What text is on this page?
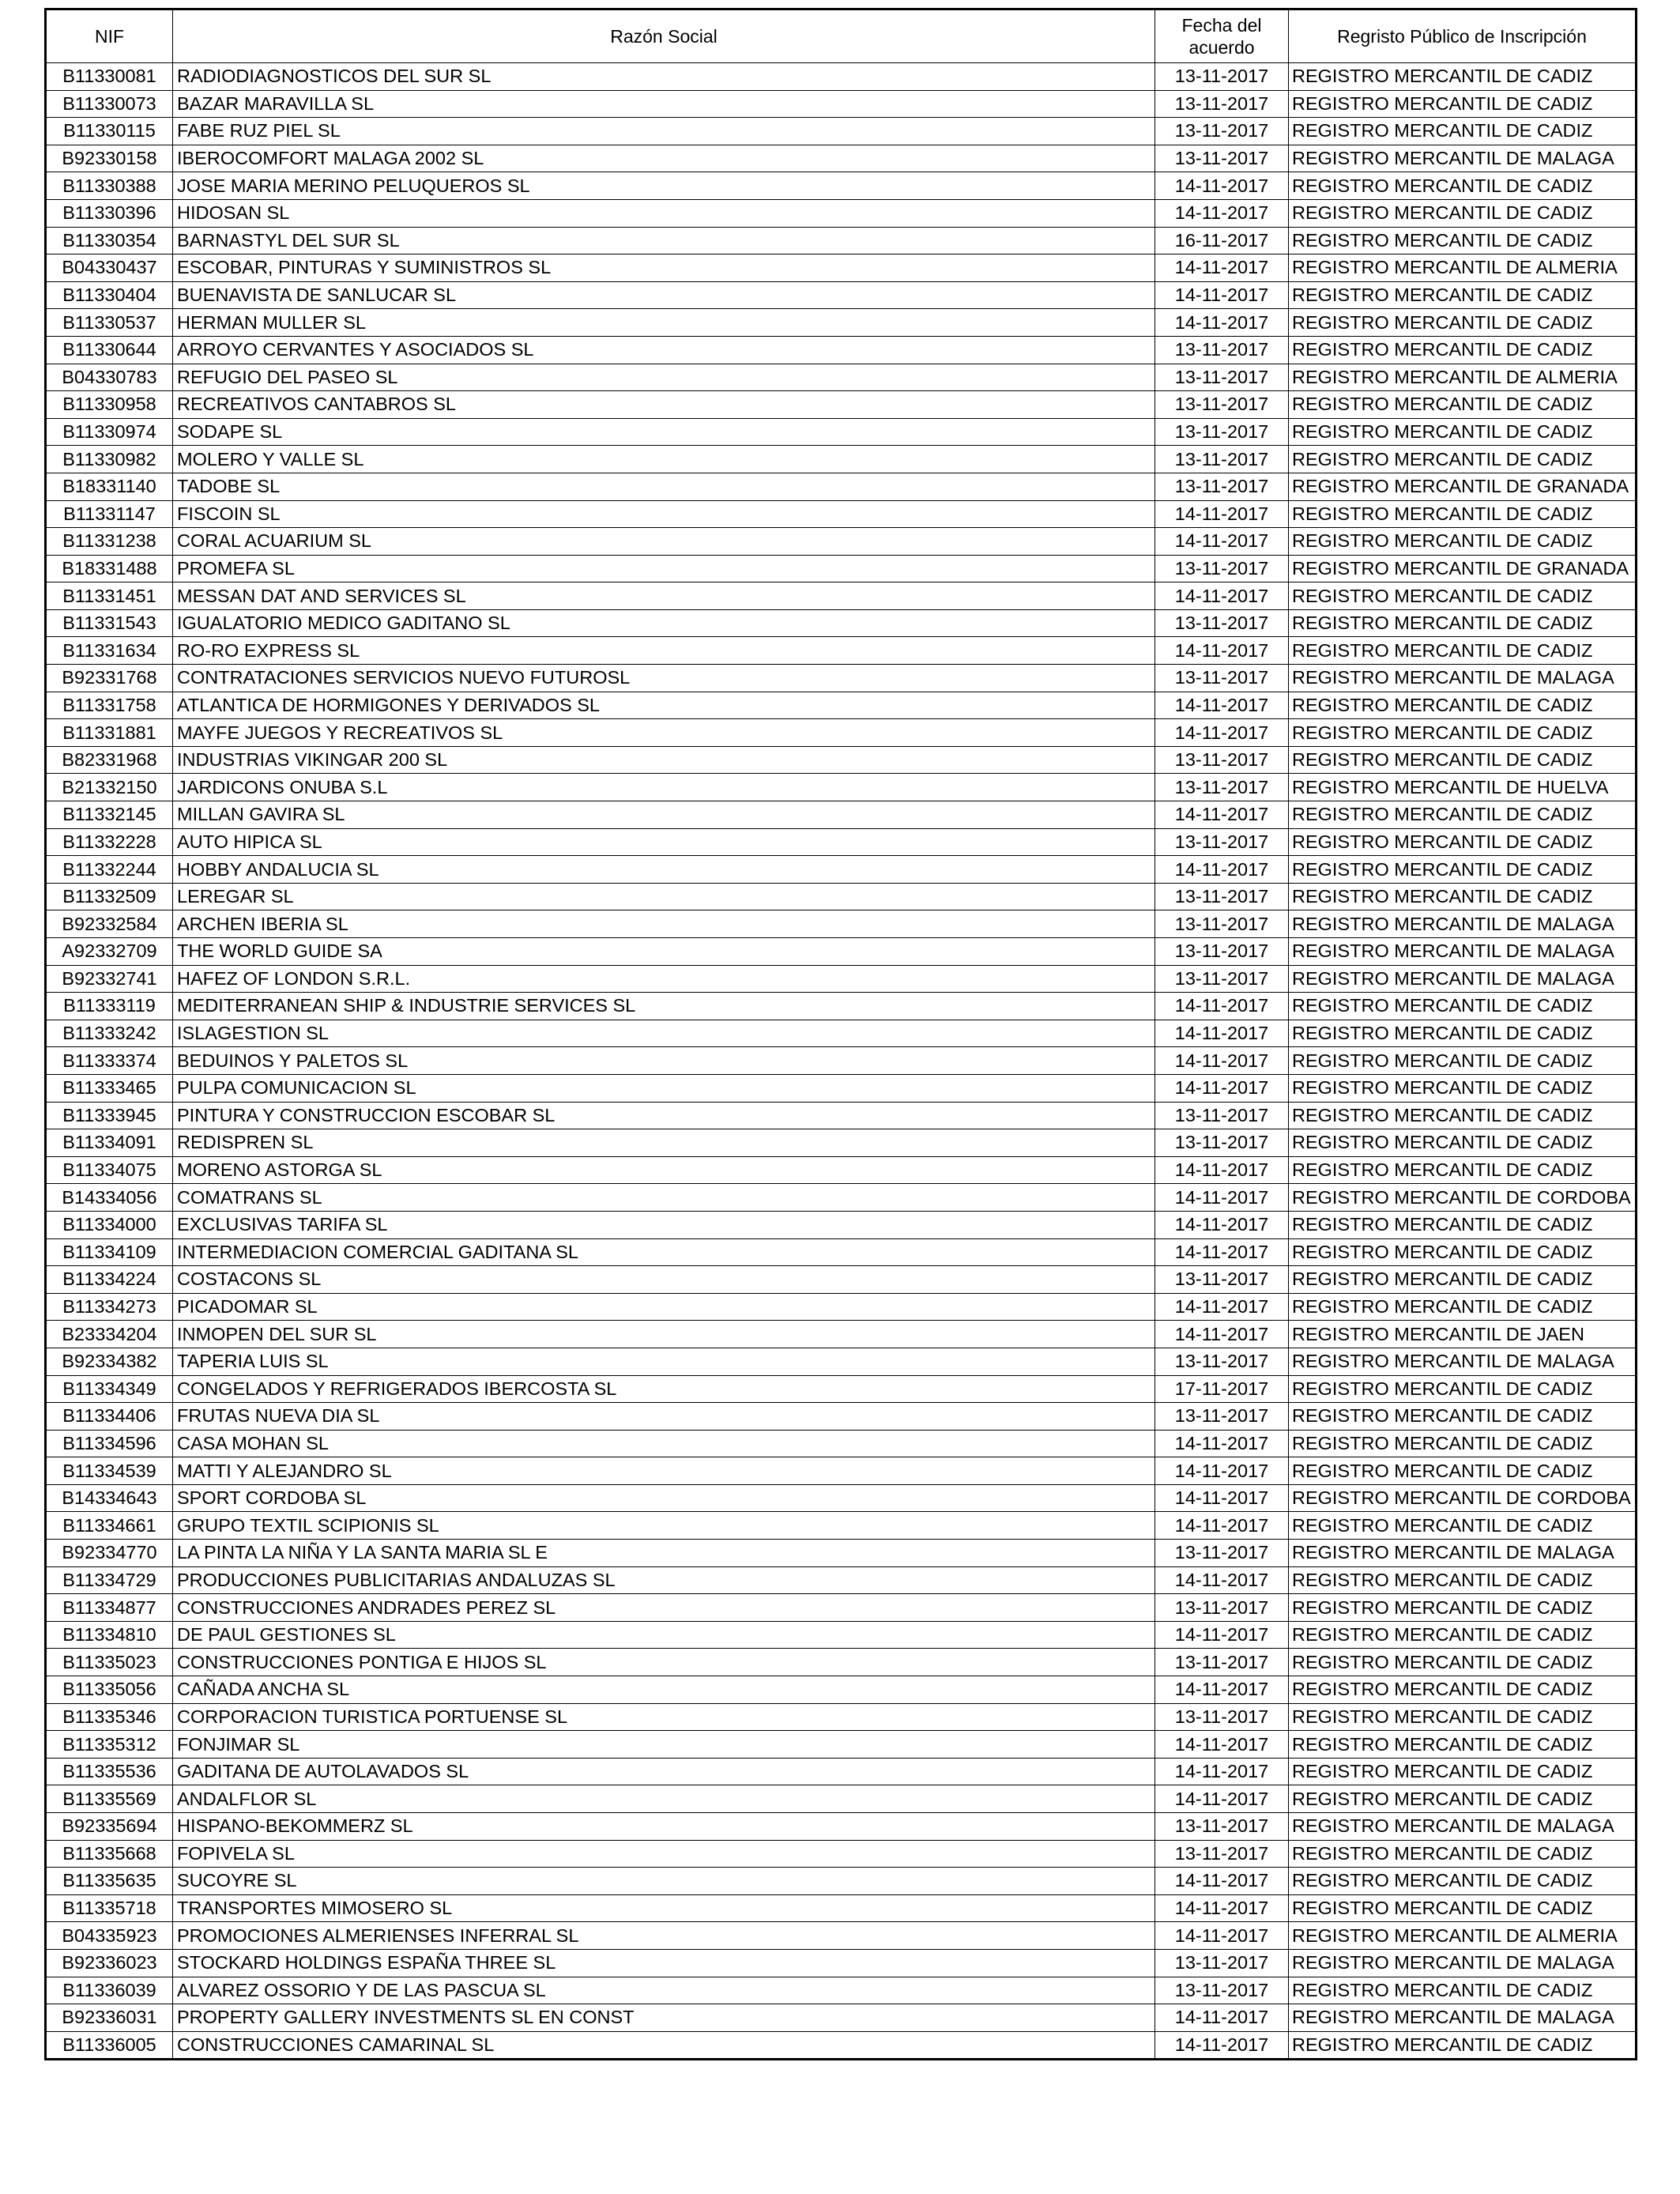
NIF	Razón Social	Fecha del acuerdo	Regristo Público de Inscripción
B11330081	RADIODIAGNOSTICOS DEL SUR SL	13-11-2017	REGISTRO MERCANTIL DE CADIZ
B11330073	BAZAR MARAVILLA SL	13-11-2017	REGISTRO MERCANTIL DE CADIZ
B11330115	FABE RUZ PIEL SL	13-11-2017	REGISTRO MERCANTIL DE CADIZ
B92330158	IBEROCOMFORT MALAGA 2002 SL	13-11-2017	REGISTRO MERCANTIL DE MALAGA
B11330388	JOSE MARIA MERINO PELUQUEROS SL	14-11-2017	REGISTRO MERCANTIL DE CADIZ
B11330396	HIDOSAN SL	14-11-2017	REGISTRO MERCANTIL DE CADIZ
B11330354	BARNASTYL DEL SUR SL	16-11-2017	REGISTRO MERCANTIL DE CADIZ
B04330437	ESCOBAR, PINTURAS Y SUMINISTROS SL	14-11-2017	REGISTRO MERCANTIL DE ALMERIA
B11330404	BUENAVISTA DE SANLUCAR SL	14-11-2017	REGISTRO MERCANTIL DE CADIZ
B11330537	HERMAN MULLER SL	14-11-2017	REGISTRO MERCANTIL DE CADIZ
B11330644	ARROYO CERVANTES Y ASOCIADOS SL	13-11-2017	REGISTRO MERCANTIL DE CADIZ
B04330783	REFUGIO DEL PASEO SL	13-11-2017	REGISTRO MERCANTIL DE ALMERIA
B11330958	RECREATIVOS CANTABROS SL	13-11-2017	REGISTRO MERCANTIL DE CADIZ
B11330974	SODAPE SL	13-11-2017	REGISTRO MERCANTIL DE CADIZ
B11330982	MOLERO Y VALLE SL	13-11-2017	REGISTRO MERCANTIL DE CADIZ
B18331140	TADOBE SL	13-11-2017	REGISTRO MERCANTIL DE GRANADA
B11331147	FISCOIN SL	14-11-2017	REGISTRO MERCANTIL DE CADIZ
B11331238	CORAL ACUARIUM SL	14-11-2017	REGISTRO MERCANTIL DE CADIZ
B18331488	PROMEFA SL	13-11-2017	REGISTRO MERCANTIL DE GRANADA
B11331451	MESSAN DAT AND SERVICES SL	14-11-2017	REGISTRO MERCANTIL DE CADIZ
B11331543	IGUALATORIO MEDICO GADITANO SL	13-11-2017	REGISTRO MERCANTIL DE CADIZ
B11331634	RO-RO EXPRESS SL	14-11-2017	REGISTRO MERCANTIL DE CADIZ
B92331768	CONTRATACIONES SERVICIOS NUEVO FUTUROSL	13-11-2017	REGISTRO MERCANTIL DE MALAGA
B11331758	ATLANTICA DE HORMIGONES Y DERIVADOS SL	14-11-2017	REGISTRO MERCANTIL DE CADIZ
B11331881	MAYFE JUEGOS Y RECREATIVOS SL	14-11-2017	REGISTRO MERCANTIL DE CADIZ
B82331968	INDUSTRIAS VIKINGAR 200 SL	13-11-2017	REGISTRO MERCANTIL DE CADIZ
B21332150	JARDICONS ONUBA S.L	13-11-2017	REGISTRO MERCANTIL DE HUELVA
B11332145	MILLAN GAVIRA SL	14-11-2017	REGISTRO MERCANTIL DE CADIZ
B11332228	AUTO HIPICA SL	13-11-2017	REGISTRO MERCANTIL DE CADIZ
B11332244	HOBBY ANDALUCIA SL	14-11-2017	REGISTRO MERCANTIL DE CADIZ
B11332509	LEREGAR SL	13-11-2017	REGISTRO MERCANTIL DE CADIZ
B92332584	ARCHEN IBERIA SL	13-11-2017	REGISTRO MERCANTIL DE MALAGA
A92332709	THE WORLD GUIDE SA	13-11-2017	REGISTRO MERCANTIL DE MALAGA
B92332741	HAFEZ OF LONDON S.R.L.	13-11-2017	REGISTRO MERCANTIL DE MALAGA
B11333119	MEDITERRANEAN SHIP & INDUSTRIE SERVICES SL	14-11-2017	REGISTRO MERCANTIL DE CADIZ
B11333242	ISLAGESTION SL	14-11-2017	REGISTRO MERCANTIL DE CADIZ
B11333374	BEDUINOS Y PALETOS SL	14-11-2017	REGISTRO MERCANTIL DE CADIZ
B11333465	PULPA COMUNICACION SL	14-11-2017	REGISTRO MERCANTIL DE CADIZ
B11333945	PINTURA Y CONSTRUCCION ESCOBAR SL	13-11-2017	REGISTRO MERCANTIL DE CADIZ
B11334091	REDISPREN SL	13-11-2017	REGISTRO MERCANTIL DE CADIZ
B11334075	MORENO ASTORGA SL	14-11-2017	REGISTRO MERCANTIL DE CADIZ
B14334056	COMATRANS SL	14-11-2017	REGISTRO MERCANTIL DE CORDOBA
B11334000	EXCLUSIVAS TARIFA SL	14-11-2017	REGISTRO MERCANTIL DE CADIZ
B11334109	INTERMEDIACION COMERCIAL GADITANA SL	14-11-2017	REGISTRO MERCANTIL DE CADIZ
B11334224	COSTACONS SL	13-11-2017	REGISTRO MERCANTIL DE CADIZ
B11334273	PICADOMAR SL	14-11-2017	REGISTRO MERCANTIL DE CADIZ
B23334204	INMOPEN DEL SUR SL	14-11-2017	REGISTRO MERCANTIL DE JAEN
B92334382	TAPERIA LUIS SL	13-11-2017	REGISTRO MERCANTIL DE MALAGA
B11334349	CONGELADOS Y REFRIGERADOS IBERCOSTA SL	17-11-2017	REGISTRO MERCANTIL DE CADIZ
B11334406	FRUTAS NUEVA DIA SL	13-11-2017	REGISTRO MERCANTIL DE CADIZ
B11334596	CASA MOHAN SL	14-11-2017	REGISTRO MERCANTIL DE CADIZ
B11334539	MATTI Y ALEJANDRO SL	14-11-2017	REGISTRO MERCANTIL DE CADIZ
B14334643	SPORT CORDOBA SL	14-11-2017	REGISTRO MERCANTIL DE CORDOBA
B11334661	GRUPO TEXTIL SCIPIONIS SL	14-11-2017	REGISTRO MERCANTIL DE CADIZ
B92334770	LA PINTA LA NIÑA Y LA SANTA MARIA SL E	13-11-2017	REGISTRO MERCANTIL DE MALAGA
B11334729	PRODUCCIONES PUBLICITARIAS ANDALUZAS SL	14-11-2017	REGISTRO MERCANTIL DE CADIZ
B11334877	CONSTRUCCIONES ANDRADES PEREZ SL	13-11-2017	REGISTRO MERCANTIL DE CADIZ
B11334810	DE PAUL GESTIONES SL	14-11-2017	REGISTRO MERCANTIL DE CADIZ
B11335023	CONSTRUCCIONES PONTIGA E HIJOS SL	13-11-2017	REGISTRO MERCANTIL DE CADIZ
B11335056	CAÑADA ANCHA SL	14-11-2017	REGISTRO MERCANTIL DE CADIZ
B11335346	CORPORACION TURISTICA PORTUENSE SL	13-11-2017	REGISTRO MERCANTIL DE CADIZ
B11335312	FONJIMAR SL	14-11-2017	REGISTRO MERCANTIL DE CADIZ
B11335536	GADITANA DE AUTOLAVADOS SL	14-11-2017	REGISTRO MERCANTIL DE CADIZ
B11335569	ANDALFLOR SL	14-11-2017	REGISTRO MERCANTIL DE CADIZ
B92335694	HISPANO-BEKOMMERZ SL	13-11-2017	REGISTRO MERCANTIL DE MALAGA
B11335668	FOPIVELA SL	13-11-2017	REGISTRO MERCANTIL DE CADIZ
B11335635	SUCOYRE SL	14-11-2017	REGISTRO MERCANTIL DE CADIZ
B11335718	TRANSPORTES MIMOSERO SL	14-11-2017	REGISTRO MERCANTIL DE CADIZ
B04335923	PROMOCIONES ALMERIENSES INFERRAL SL	14-11-2017	REGISTRO MERCANTIL DE ALMERIA
B92336023	STOCKARD HOLDINGS ESPAÑA THREE SL	13-11-2017	REGISTRO MERCANTIL DE MALAGA
B11336039	ALVAREZ OSSORIO Y DE LAS PASCUA SL	13-11-2017	REGISTRO MERCANTIL DE CADIZ
B92336031	PROPERTY GALLERY INVESTMENTS SL EN CONST	14-11-2017	REGISTRO MERCANTIL DE MALAGA
B11336005	CONSTRUCCIONES CAMARINAL SL	14-11-2017	REGISTRO MERCANTIL DE CADIZ
